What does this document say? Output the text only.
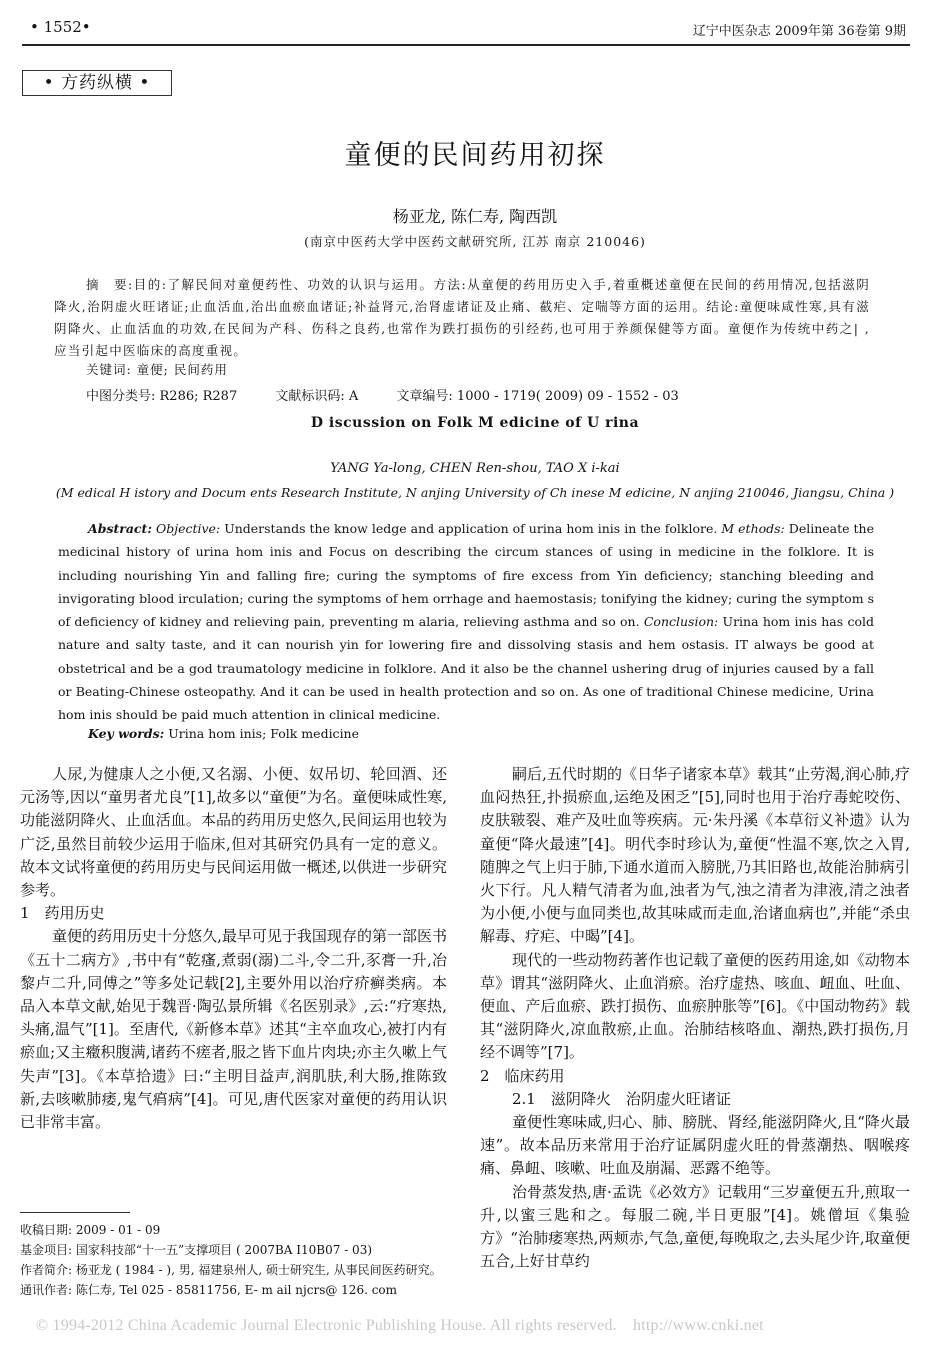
• 1552•	辽宁中医杂志 2009年第 36卷第 9期
• 方药纵横 •
童便的民间药用初探
杨亚龙, 陈仁寿, 陶西凯
(南京中医药大学中医药文献研究所, 江苏 南京 210046)
摘　要:目的:了解民间对童便药性、功效的认识与运用。方法:从童便的药用历史入手,着重概述童便在民间的药用情况,包括滋阴降火,治阴虚火旺诸证;止血活血,治出血瘀血诸证;补益肾元,治肾虚诸证及止痛、截疟、定喘等方面的运用。结论:童便味咸性寒,具有滋阴降火、止血活血的功效,在民间为产科、伤科之良药,也常作为跌打损伤的引经药,也可用于养颜保健等方面。童便作为传统中药之| ,应当引起中医临床的高度重视。
关键词: 童便; 民间药用
中图分类号: R286; R287	文献标识码: A	文章编号: 1000 - 1719( 2009) 09 - 1552 - 03
D iscussion on Folk M edicine of U rina
YANG Ya-long, CHEN Ren-shou, TAO X i-kai
(M edical H istory and Docum ents Research Institute, N anjing University of Ch inese M edicine, N anjing 210046, Jiangsu, China )

Abstract: Objective: Understands the know ledge and application of urina hom inis in the folklore. M ethods: Delineate the medicinal history of urina hom inis and Focus on describing the circum stances of using in medicine in the folklore. It is including nourishing Yin and falling fire; curing the symptoms of fire excess from Yin deficiency; stanching bleeding and invigorating blood irculation; curing the symptoms of hem orrhage and haemostasis; tonifying the kidney; curing the symptom s of deficiency of kidney and relieving pain, preventing m alaria, relieving asthma and so on. Conclusion: Urina hom inis has cold nature and salty taste, and it can nourish yin for lowering fire and dissolving stasis and hem ostasis. IT always be good at obstetrical and be a god traumatology medicine in folklore. And it also be the channel ushering drug of injuries caused by a fall or Beating-Chinese osteopathy. And it can be used in health protection and so on. As one of traditional Chinese medicine, Urina hom inis should be paid much attention in clinical medicine.

Key words: Urina hom inis; Folk medicine

人尿,为健康人之小便,又名溺、小便、奴吊切、轮回酒、还元汤等,因以“童男者尤良”[1],故多以“童便”为名。童便味咸性寒,功能滋阴降火、止血活血。本品的药用历史悠久,民间运用也较为广泛,虽然目前较少运用于临床,但对其研究仍具有一定的意义。故本文试将童便的药用历史与民间运用做一概述,以供进一步研究参考。

1　药用历史

童便的药用历史十分悠久,最早可见于我国现存的第一部医书《五十二病方》,书中有“乾瘙,煮弱(溺)二斗,令二升,豕膏一升,冶黎卢二升,同傅之”等多处记载[2],主要外用以治疗疥癣类病。本品入本草文献,始见于魏晋·陶弘景所辑《名医别录》,云:“疗寒热,头痛,温气”[1]。至唐代,《新修本草》述其“主卒血攻心,被打内有瘀血;又主癥积腹满,诸药不瘥者,服之皆下血片肉块;亦主久嗽上气失声”[3]。《本草拾遗》曰:“主明目益声,润肌肤,利大肠,推陈致新,去咳嗽肺痿,鬼气㾓病”[4]。可见,唐代医家对童便的药用认识已非常丰富。

嗣后,五代时期的《日华子诸家本草》载其“止劳渴,润心肺,疗血闷热狂,扑损瘀血,运绝及困乏”[5],同时也用于治疗毒蛇咬伤、皮肤皲裂、难产及吐血等疾病。元·朱丹溪《本草衍义补遗》认为童便“降火最速”[4]。明代李时珍认为,童便“性温不寒,饮之入胃,随脾之气上归于肺,下通水道而入膀胱,乃其旧路也,故能治肺病引火下行。凡人精气清者为血,浊者为气,浊之清者为津液,清之浊者为小便,小便与血同类也,故其味咸而走血,治诸血病也”,并能“杀虫解毒、疗疟、中暍”[4]。

现代的一些动物药著作也记载了童便的医药用途,如《动物本草》谓其“滋阴降火、止血消瘀。治疗虚热、咳血、衄血、吐血、便血、产后血瘀、跌打损伤、血瘀肿胀等”[6]。《中国动物药》载其“滋阴降火,凉血散瘀,止血。治肺结核咯血、潮热,跌打损伤,月经不调等”[7]。

2　临床药用

2.1　滋阴降火　治阴虚火旺诸证

童便性寒味咸,归心、肺、膀胱、肾经,能滋阴降火,且“降火最速”。故本品历来常用于治疗证属阴虚火旺的骨蒸潮热、咽喉疼痛、鼻衄、咳嗽、吐血及崩漏、恶露不绝等。

治骨蒸发热,唐·孟诜《必效方》记载用“三岁童便五升,煎取一升,以蜜三匙和之。每服二碗,半日更服”[4]。姚僧垣《集验方》“治肺痿寒热,两颊赤,气急,童便,每晚取之,去头尾少许,取童便五合,上好甘草约

收稿日期: 2009 - 01 - 09
基金项目: 国家科技部“十一五”支撑项目 ( 2007BA I10B07 - 03)
作者简介: 杨亚龙 ( 1984 - ), 男, 福建泉州人, 硕士研究生, 从事民间医药研究。
通讯作者: 陈仁寿, Tel 025 - 85811756, E- m ail njcrs@ 126. com
© 1994-2012 China Academic Journal Electronic Publishing House. All rights reserved.　http://www.cnki.net
